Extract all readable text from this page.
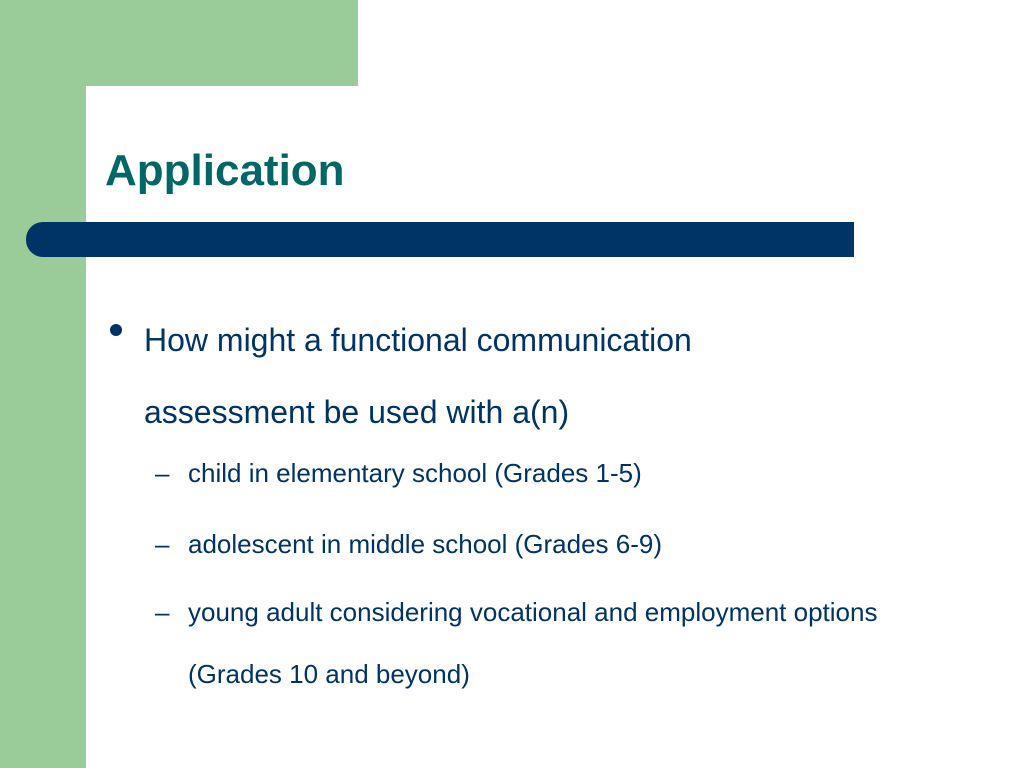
Application
How might a functional communication assessment be used with a(n)
– child in elementary school (Grades 1-5)
– adolescent in middle school (Grades 6-9)
– young adult considering vocational and employment options (Grades 10 and beyond)
